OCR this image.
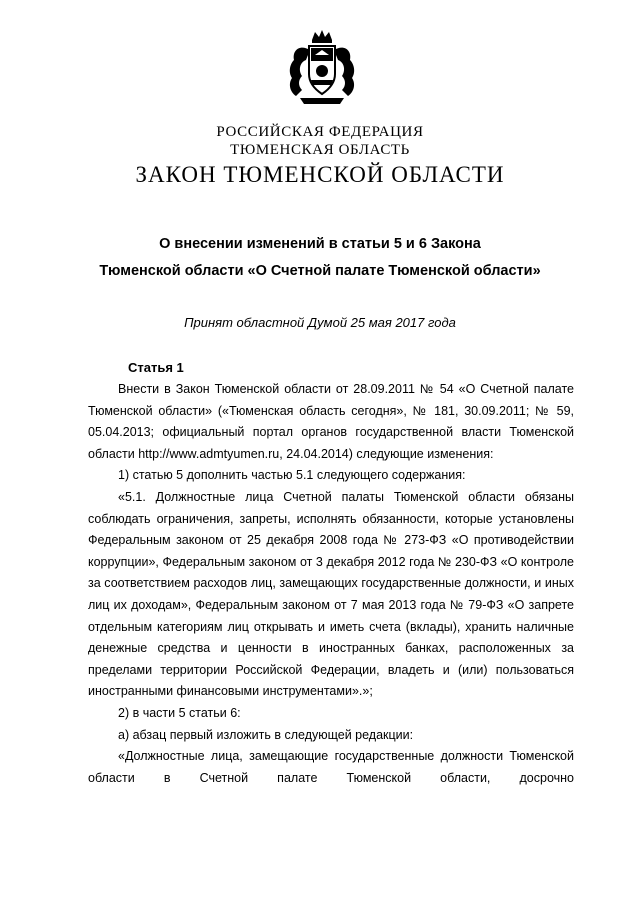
РОССИЙСКАЯ ФЕДЕРАЦИЯ
ТЮМЕНСКАЯ ОБЛАСТЬ
ЗАКОН ТЮМЕНСКОЙ ОБЛАСТИ
О внесении изменений в статьи 5 и 6 Закона
Тюменской области «О Счетной палате Тюменской области»
Принят областной Думой 25 мая 2017 года
Статья 1

Внести в Закон Тюменской области от 28.09.2011 № 54 «О Счетной палате Тюменской области» («Тюменская область сегодня», № 181, 30.09.2011; № 59, 05.04.2013; официальный портал органов государственной власти Тюменской области http://www.admtyumen.ru, 24.04.2014) следующие изменения:

1) статью 5 дополнить частью 5.1 следующего содержания:

«5.1. Должностные лица Счетной палаты Тюменской области обязаны соблюдать ограничения, запреты, исполнять обязанности, которые установлены Федеральным законом от 25 декабря 2008 года № 273-ФЗ «О противодействии коррупции», Федеральным законом от 3 декабря 2012 года № 230-ФЗ «О контроле за соответствием расходов лиц, замещающих государственные должности, и иных лиц их доходам», Федеральным законом от 7 мая 2013 года № 79-ФЗ «О запрете отдельным категориям лиц открывать и иметь счета (вклады), хранить наличные денежные средства и ценности в иностранных банках, расположенных за пределами территории Российской Федерации, владеть и (или) пользоваться иностранными финансовыми инструментами».»;

2) в части 5 статьи 6:

а) абзац первый изложить в следующей редакции:

«Должностные лица, замещающие государственные должности Тюменской области в Счетной палате Тюменской области, досрочно
